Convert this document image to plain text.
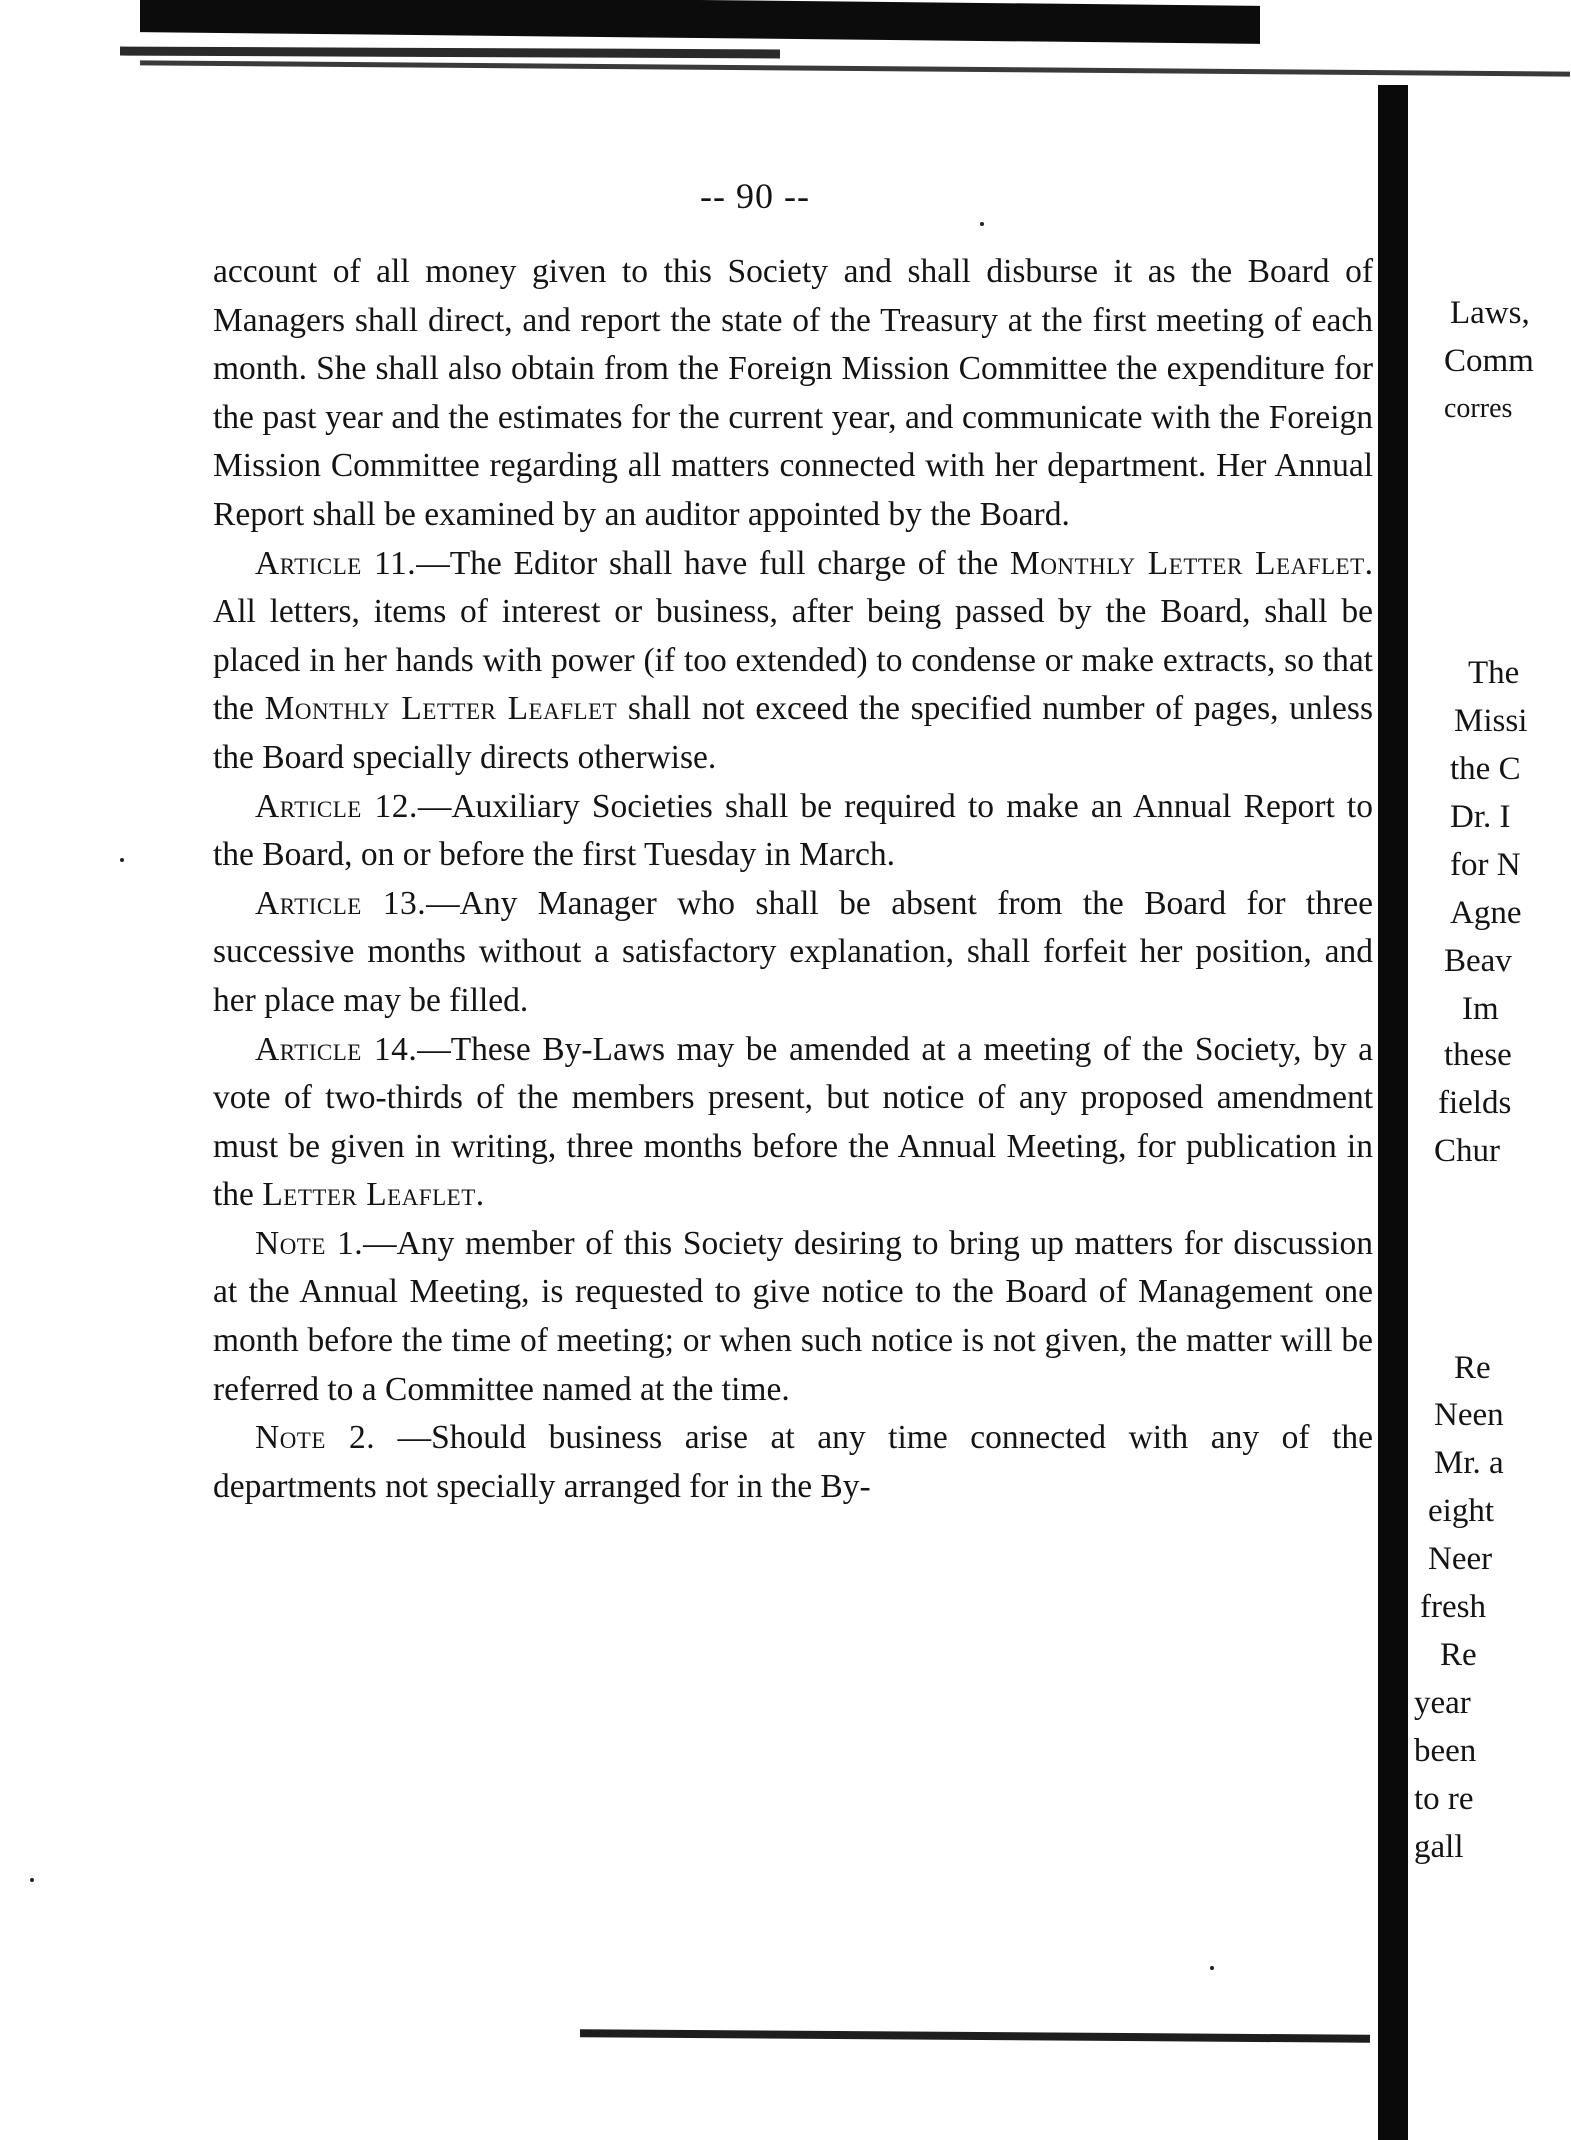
-- 90 --

account of all money given to this Society and shall disburse it as the Board of Managers shall direct, and report the state of the Treasury at the first meeting of each month. She shall also obtain from the Foreign Mission Committee the expenditure for the past year and the estimates for the current year, and communicate with the Foreign Mission Committee regarding all matters connected with her department. Her Annual Report shall be examined by an auditor appointed by the Board.

Article 11.—The Editor shall have full charge of the Monthly Letter Leaflet. All letters, items of interest or business, after being passed by the Board, shall be placed in her hands with power (if too extended) to condense or make extracts, so that the Monthly Letter Leaflet shall not exceed the specified number of pages, unless the Board specially directs otherwise.

Article 12.—Auxiliary Societies shall be required to make an Annual Report to the Board, on or before the first Tuesday in March.

Article 13.—Any Manager who shall be absent from the Board for three successive months without a satisfactory explanation, shall forfeit her position, and her place may be filled.

Article 14.—These By-Laws may be amended at a meeting of the Society, by a vote of two-thirds of the members present, but notice of any proposed amendment must be given in writing, three months before the Annual Meeting, for publication in the Letter Leaflet.

Note 1.—Any member of this Society desiring to bring up matters for discussion at the Annual Meeting, is requested to give notice to the Board of Management one month before the time of meeting; or when such notice is not given, the matter will be referred to a Committee named at the time.

Note 2. —Should business arise at any time connected with any of the departments not specially arranged for in the By-

Laws,
Comm
corres
The
Missi
the C
Dr. I
for N
Agne
Beav
Im
these
fields
Chur
Re
Neen
Mr. a
eight
Neer
fresh
Re
year
been
to re
gall
